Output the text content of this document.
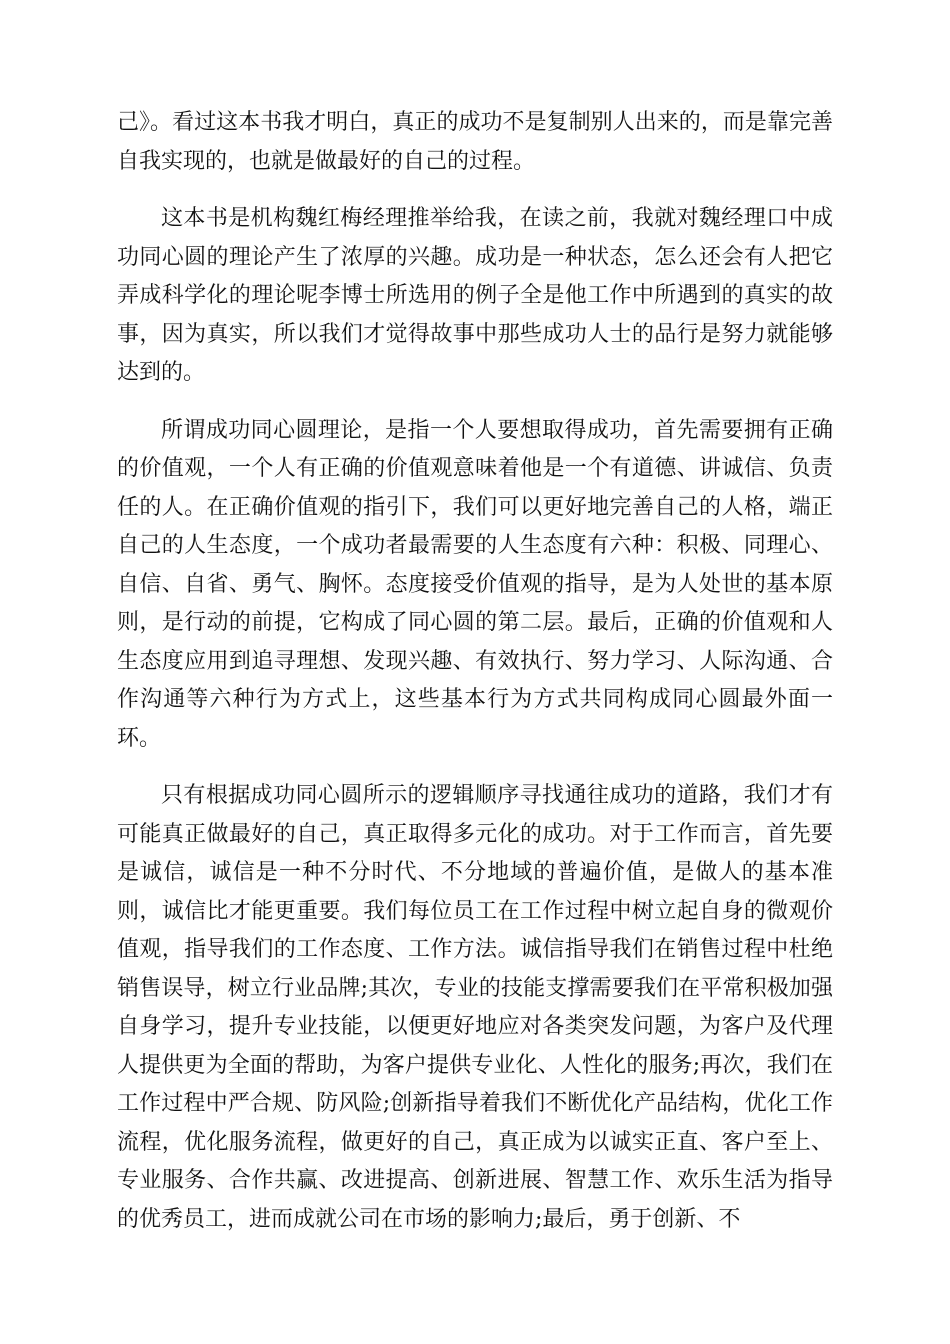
己》。看过这本书我才明白，真正的成功不是复制别人出来的，而是靠完善自我实现的，也就是做最好的自己的过程。

这本书是机构魏红梅经理推举给我，在读之前，我就对魏经理口中成功同心圆的理论产生了浓厚的兴趣。成功是一种状态，怎么还会有人把它弄成科学化的理论呢李博士所选用的例子全是他工作中所遇到的真实的故事，因为真实，所以我们才觉得故事中那些成功人士的品行是努力就能够达到的。

所谓成功同心圆理论，是指一个人要想取得成功，首先需要拥有正确的价值观，一个人有正确的价值观意味着他是一个有道德、讲诚信、负责任的人。在正确价值观的指引下，我们可以更好地完善自己的人格，端正自己的人生态度，一个成功者最需要的人生态度有六种：积极、同理心、自信、自省、勇气、胸怀。态度接受价值观的指导，是为人处世的基本原则，是行动的前提，它构成了同心圆的第二层。最后，正确的价值观和人生态度应用到追寻理想、发现兴趣、有效执行、努力学习、人际沟通、合作沟通等六种行为方式上，这些基本行为方式共同构成同心圆最外面一环。

只有根据成功同心圆所示的逻辑顺序寻找通往成功的道路，我们才有可能真正做最好的自己，真正取得多元化的成功。对于工作而言，首先要是诚信，诚信是一种不分时代、不分地域的普遍价值，是做人的基本准则，诚信比才能更重要。我们每位员工在工作过程中树立起自身的微观价值观，指导我们的工作态度、工作方法。诚信指导我们在销售过程中杜绝销售误导，树立行业品牌;其次，专业的技能支撑需要我们在平常积极加强自身学习，提升专业技能，以便更好地应对各类突发问题，为客户及代理人提供更为全面的帮助，为客户提供专业化、人性化的服务;再次，我们在工作过程中严合规、防风险;创新指导着我们不断优化产品结构，优化工作流程，优化服务流程，做更好的自己，真正成为以诚实正直、客户至上、专业服务、合作共赢、改进提高、创新进展、智慧工作、欢乐生活为指导的优秀员工，进而成就公司在市场的影响力;最后，勇于创新、不
